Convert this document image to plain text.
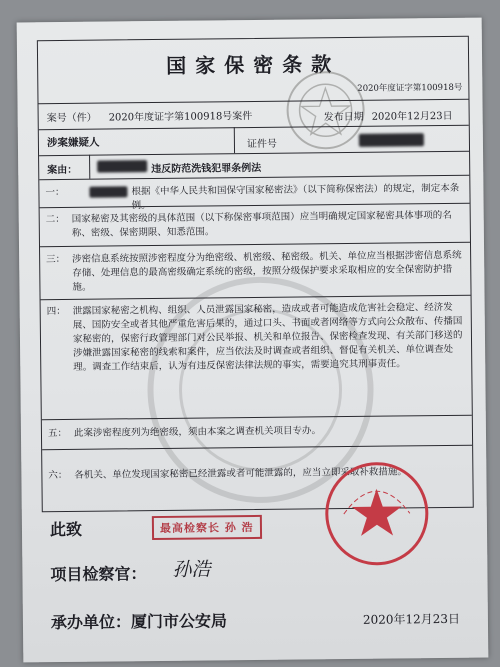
国家保密条款
2020年度证字第100918号
案号（件） 2020年度证字第100918号案件	发布日期 2020年12月23日
涉案嫌疑人	证件号
案由：	违反防范洗钱犯罪条例法
一：	根据《中华人民共和国保守国家秘密法》（以下简称保密法）的规定，制定本条例。
二： 国家秘密及其密级的具体范围（以下称保密事项范围）应当明确规定国家秘密具体事项的名称、密级、保密期限、知悉范围。
三： 涉密信息系统按照涉密程度分为绝密级、机密级、秘密级。机关、单位应当根据涉密信息系统存储、处理信息的最高密级确定系统的密级，按照分级保护要求采取相应的安全保密防护措施。
四： 泄露国家秘密之机构、组织、人员泄露国家秘密，造成或者可能造成危害社会稳定、经济发展、国防安全或者其他严重危害后果的，通过口头、书面或者网络等方式向公众散布、传播国家秘密的，保密行政管理部门对公民举报、机关和单位报告、保密检查发现、有关部门移送的涉嫌泄露国家秘密的线索和案件，应当依法及时调查或者组织、督促有关机关、单位调查处理。调查工作结束后，认为有违反保密法律法规的事实，需要追究其刑事责任。
五： 此案涉密程度列为绝密级，须由本案之调查机关项目专办。
六： 各机关、单位发现国家秘密已经泄露或者可能泄露的，应当立即采取补救措施。
此致	最高检察长 孙 浩
项目检察官： 孙浩
承办单位：厦门市公安局	2020年12月23日
